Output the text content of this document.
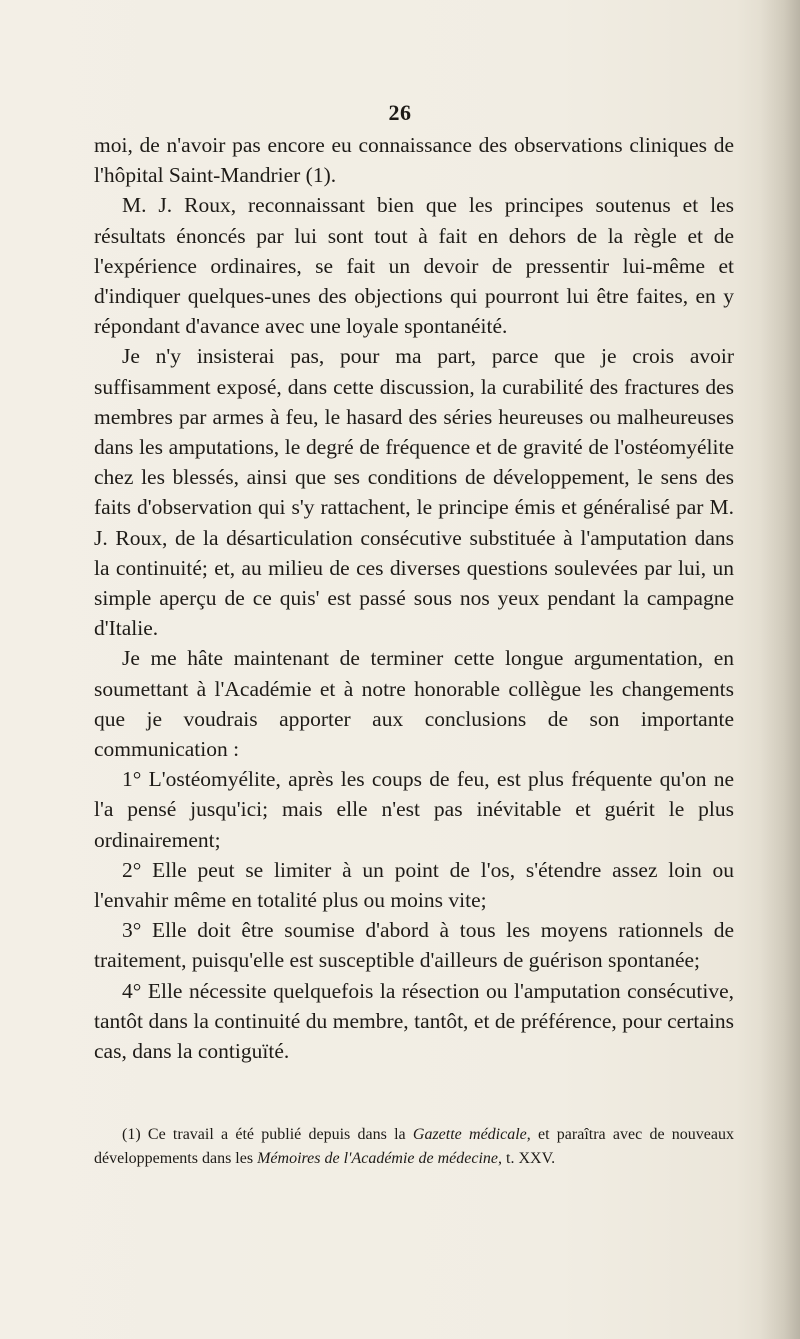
26

moi, de n'avoir pas encore eu connaissance des observations cliniques de l'hôpital Saint-Mandrier (1).

M. J. Roux, reconnaissant bien que les principes soutenus et les résultats énoncés par lui sont tout à fait en dehors de la règle et de l'expérience ordinaires, se fait un devoir de pressentir lui-même et d'indiquer quelques-unes des objections qui pourront lui être faites, en y répondant d'avance avec une loyale spontanéité.

Je n'y insisterai pas, pour ma part, parce que je crois avoir suffisamment exposé, dans cette discussion, la curabilité des fractures des membres par armes à feu, le hasard des séries heureuses ou malheureuses dans les amputations, le degré de fréquence et de gravité de l'ostéomyélite chez les blessés, ainsi que ses conditions de développement, le sens des faits d'observation qui s'y rattachent, le principe émis et généralisé par M. J. Roux, de la désarticulation consécutive substituée à l'amputation dans la continuité; et, au milieu de ces diverses questions soulevées par lui, un simple aperçu de ce quis' est passé sous nos yeux pendant la campagne d'Italie.

Je me hâte maintenant de terminer cette longue argumentation, en soumettant à l'Académie et à notre honorable collègue les changements que je voudrais apporter aux conclusions de son importante communication :

1° L'ostéomyélite, après les coups de feu, est plus fréquente qu'on ne l'a pensé jusqu'ici; mais elle n'est pas inévitable et guérit le plus ordinairement;

2° Elle peut se limiter à un point de l'os, s'étendre assez loin ou l'envahir même en totalité plus ou moins vite;

3° Elle doit être soumise d'abord à tous les moyens rationnels de traitement, puisqu'elle est susceptible d'ailleurs de guérison spontanée;

4° Elle nécessite quelquefois la résection ou l'amputation consécutive, tantôt dans la continuité du membre, tantôt, et de préférence, pour certains cas, dans la contiguïté.

(1) Ce travail a été publié depuis dans la Gazette médicale, et paraîtra avec de nouveaux développements dans les Mémoires de l'Académie de médecine, t. XXV.
